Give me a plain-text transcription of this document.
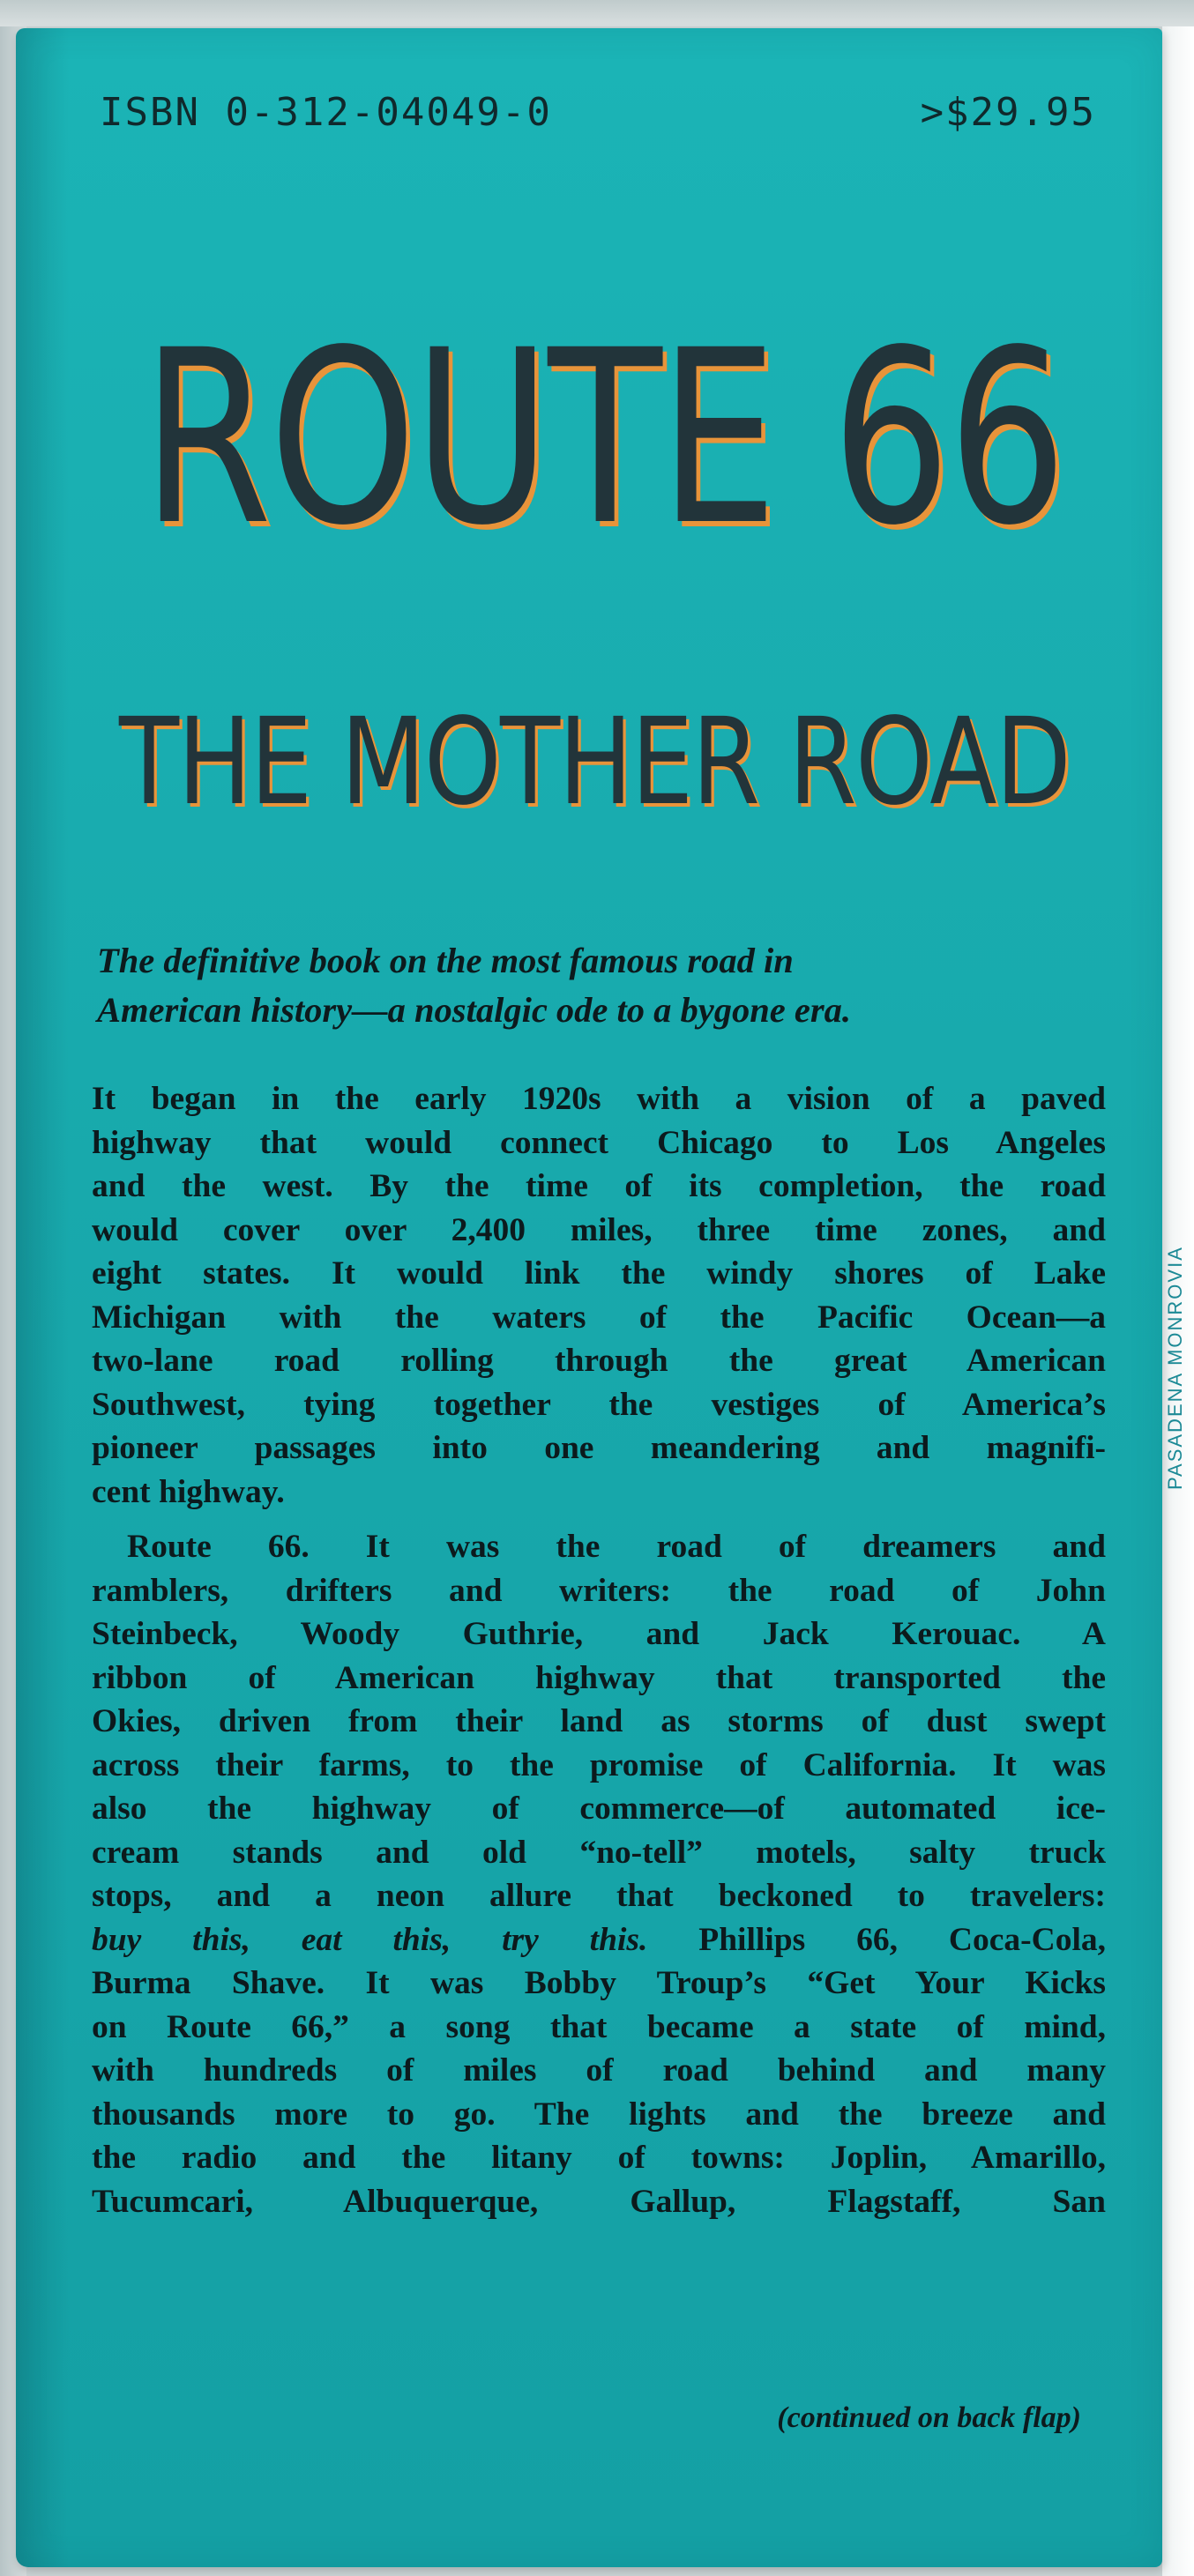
PASADENA MONROVIA
ISBN 0-312-04049-0	>$29.95
ROUTE 66
THE MOTHER ROAD
The definitive book on the most famous road in
American history—a nostalgic ode to a bygone era.
It began in the early 1920s with a vision of a paved
highway that would connect Chicago to Los Angeles
and the west. By the time of its completion, the road
would cover over 2,400 miles, three time zones, and
eight states. It would link the windy shores of Lake
Michigan with the waters of the Pacific Ocean—a
two-lane road rolling through the great American
Southwest, tying together the vestiges of America’s
pioneer passages into one meandering and magnifi-
cent highway.
Route 66. It was the road of dreamers and
ramblers, drifters and writers: the road of John
Steinbeck, Woody Guthrie, and Jack Kerouac. A
ribbon of American highway that transported the
Okies, driven from their land as storms of dust swept
across their farms, to the promise of California. It was
also the highway of commerce—of automated ice-
cream stands and old “no-tell” motels, salty truck
stops, and a neon allure that beckoned to travelers:
buy this, eat this, try this. Phillips 66, Coca-Cola,
Burma Shave. It was Bobby Troup’s “Get Your Kicks
on Route 66,” a song that became a state of mind,
with hundreds of miles of road behind and many
thousands more to go. The lights and the breeze and
the radio and the litany of towns: Joplin, Amarillo,
Tucumcari, Albuquerque, Gallup, Flagstaff, San
(continued on back flap)
